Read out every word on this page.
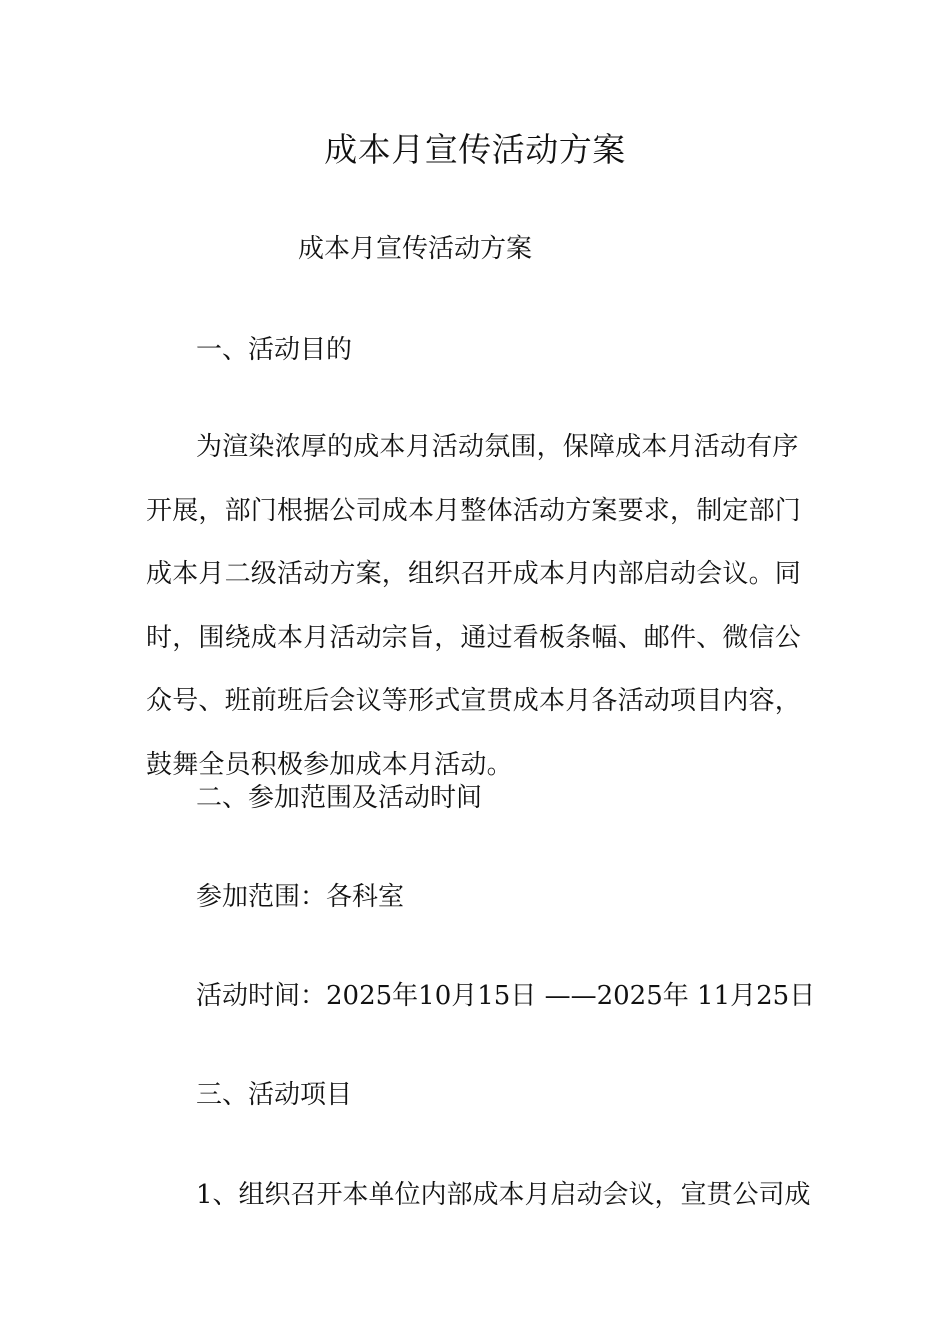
成本月宣传活动方案
成本月宣传活动方案
一、活动目的
为渲染浓厚的成本月活动氛围，保障成本月活动有序
开展，部门根据公司成本月整体活动方案要求，制定部门
成本月二级活动方案，组织召开成本月内部启动会议。同
时，围绕成本月活动宗旨，通过看板条幅、邮件、微信公
众号、班前班后会议等形式宣贯成本月各活动项目内容，
鼓舞全员积极参加成本月活动。
二、参加范围及活动时间
参加范围：各科室
活动时间：2025年10月15日 ——2025年 11月25日
三、活动项目
1、组织召开本单位内部成本月启动会议，宣贯公司成
